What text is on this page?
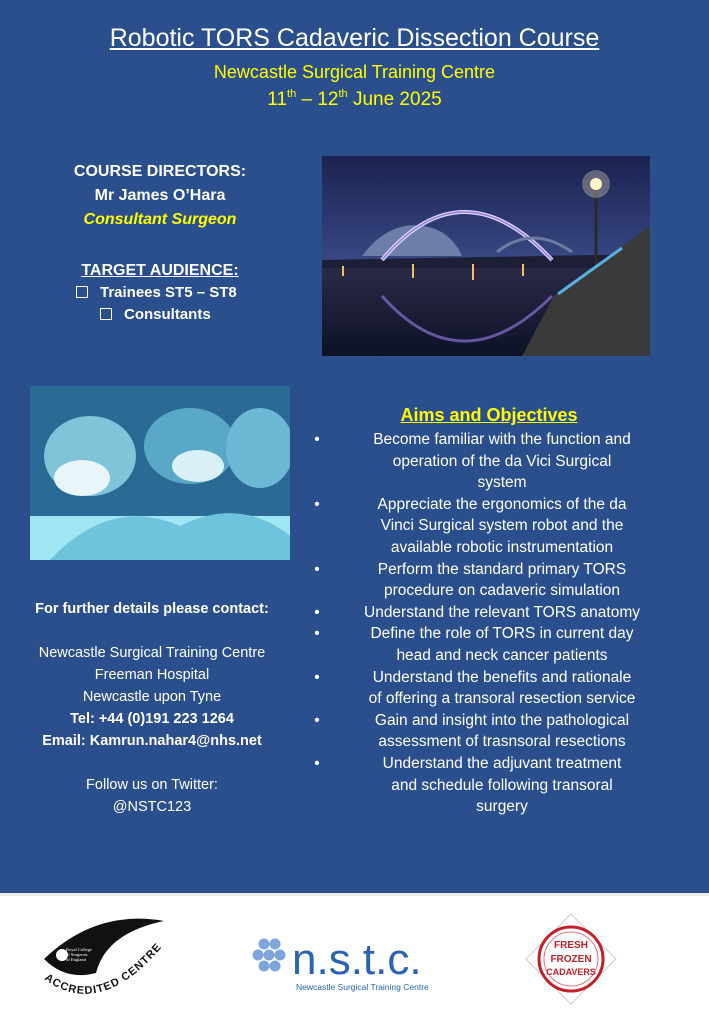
Robotic TORS Cadaveric Dissection Course
Newcastle Surgical Training Centre
11th – 12th June 2025
COURSE DIRECTORS:
Mr James O’Hara
Consultant Surgeon
TARGET AUDIENCE:
Trainees ST5 – ST8
Consultants
For further details please contact:
Newcastle Surgical Training Centre
Freeman Hospital
Newcastle upon Tyne
Tel: +44 (0)191 223 1264
Email: Kamrun.nahar4@nhs.net
Follow us on Twitter:
@NSTC123
Aims and Objectives
•	Become familiar with the function and
operation of the da Vici Surgical
system
•	Appreciate the ergonomics of the da
Vinci Surgical system robot and the
available robotic instrumentation
•	Perform the standard primary TORS
procedure on cadaveric simulation
•	Understand the relevant TORS anatomy
•	Define the role of TORS in current day
head and neck cancer patients
•	Understand the benefits and rationale
of offering a transoral resection service
•	Gain and insight into the pathological
assessment of trasnsoral resections
•	Understand the adjuvant treatment
and schedule following transoral
surgery
Royal College
of Surgeons
of England
ACCREDITED CENTRE	n.s.t.c.
Newcastle Surgical Training Centre
FRESH
FROZEN
CADAVERS
